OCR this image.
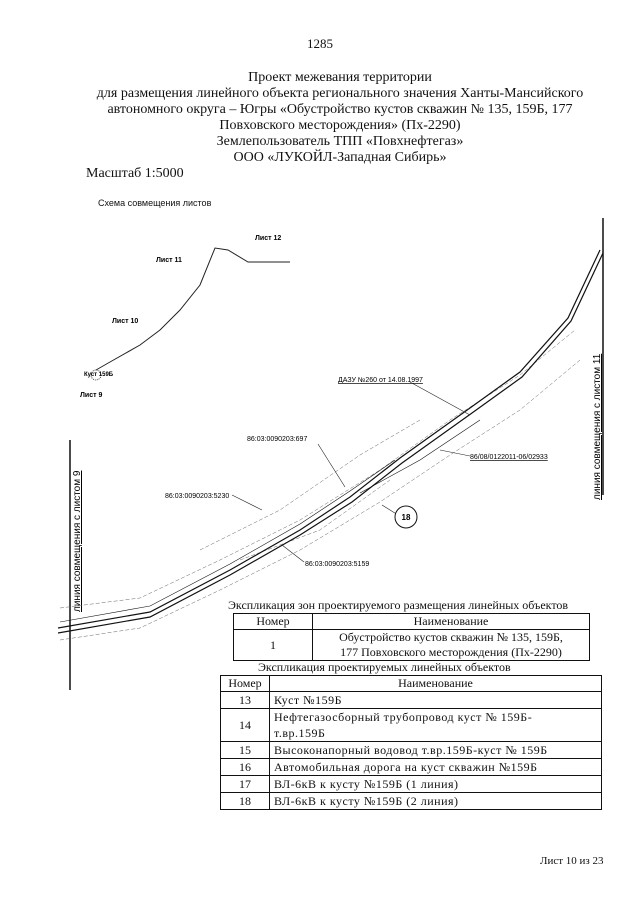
1285
Проект межевания территории
для размещения линейного объекта регионального значения Ханты-Мансийского
автономного округа – Югры «Обустройство кустов скважин № 135, 159Б, 177
Повховского месторождения» (Пх-2290)
Землепользователь ТПП «Повхнефтегаз»
ООО «ЛУКОЙЛ-Западная Сибирь»
Масштаб 1:5000
Схема совмещения листов
Лист 12
Лист 11
Лист 10
Куст 159Б
Лист 9
линия совмещения с листом 9
линия совмещения с листом 11
ДАЗУ №260 от 14.08.1997
86:03:0090203:697
86:03:0090203:5230
86:03:0090203:5159
86/08/0122011-06/02933
18
Экспликация зон проектируемого размещения линейных объектов
Номер	Наименование
1	Обустройство кустов скважин № 135, 159Б,
177 Повховского месторождения (Пх-2290)
Экспликация проектируемых линейных объектов
Номер	Наименование
13	Куст №159Б
14	Нефтегазосборный трубопровод куст № 159Б-
т.вр.159Б

15	Высоконапорный водовод т.вр.159Б-куст № 159Б
16	Автомобильная дорога на куст скважин №159Б
17	ВЛ-6кВ к кусту №159Б (1 линия)
18	ВЛ-6кВ к кусту №159Б (2 линия)
Лист 10 из 23
